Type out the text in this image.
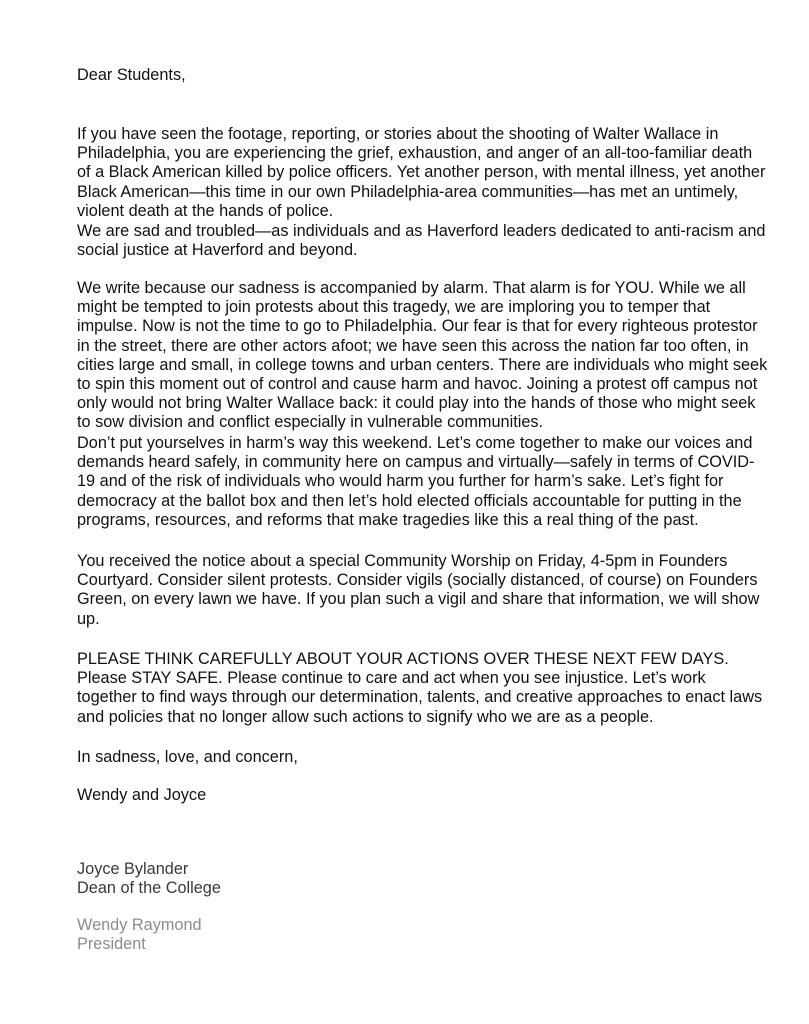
Dear Students,
If you have seen the footage, reporting, or stories about the shooting of Walter Wallace in
Philadelphia, you are experiencing the grief, exhaustion, and anger of an all-too-familiar death
of a Black American killed by police officers. Yet another person, with mental illness, yet another
Black American—this time in our own Philadelphia-area communities—has met an untimely,
violent death at the hands of police.
We are sad and troubled—as individuals and as Haverford leaders dedicated to anti-racism and
social justice at Haverford and beyond.
We write because our sadness is accompanied by alarm. That alarm is for YOU. While we all
might be tempted to join protests about this tragedy, we are imploring you to temper that
impulse. Now is not the time to go to Philadelphia. Our fear is that for every righteous protestor
in the street, there are other actors afoot; we have seen this across the nation far too often, in
cities large and small, in college towns and urban centers. There are individuals who might seek
to spin this moment out of control and cause harm and havoc. Joining a protest off campus not
only would not bring Walter Wallace back: it could play into the hands of those who might seek
to sow division and conflict especially in vulnerable communities.
Don’t put yourselves in harm’s way this weekend. Let’s come together to make our voices and
demands heard safely, in community here on campus and virtually—safely in terms of COVID-
19 and of the risk of individuals who would harm you further for harm’s sake. Let’s fight for
democracy at the ballot box and then let’s hold elected officials accountable for putting in the
programs, resources, and reforms that make tragedies like this a real thing of the past.
You received the notice about a special Community Worship on Friday, 4-5pm in Founders
Courtyard. Consider silent protests. Consider vigils (socially distanced, of course) on Founders
Green, on every lawn we have. If you plan such a vigil and share that information, we will show
up.
PLEASE THINK CAREFULLY ABOUT YOUR ACTIONS OVER THESE NEXT FEW DAYS.
Please STAY SAFE. Please continue to care and act when you see injustice. Let’s work
together to find ways through our determination, talents, and creative approaches to enact laws
and policies that no longer allow such actions to signify who we are as a people.
In sadness, love, and concern,
Wendy and Joyce
Joyce Bylander
Dean of the College
Wendy Raymond
President
